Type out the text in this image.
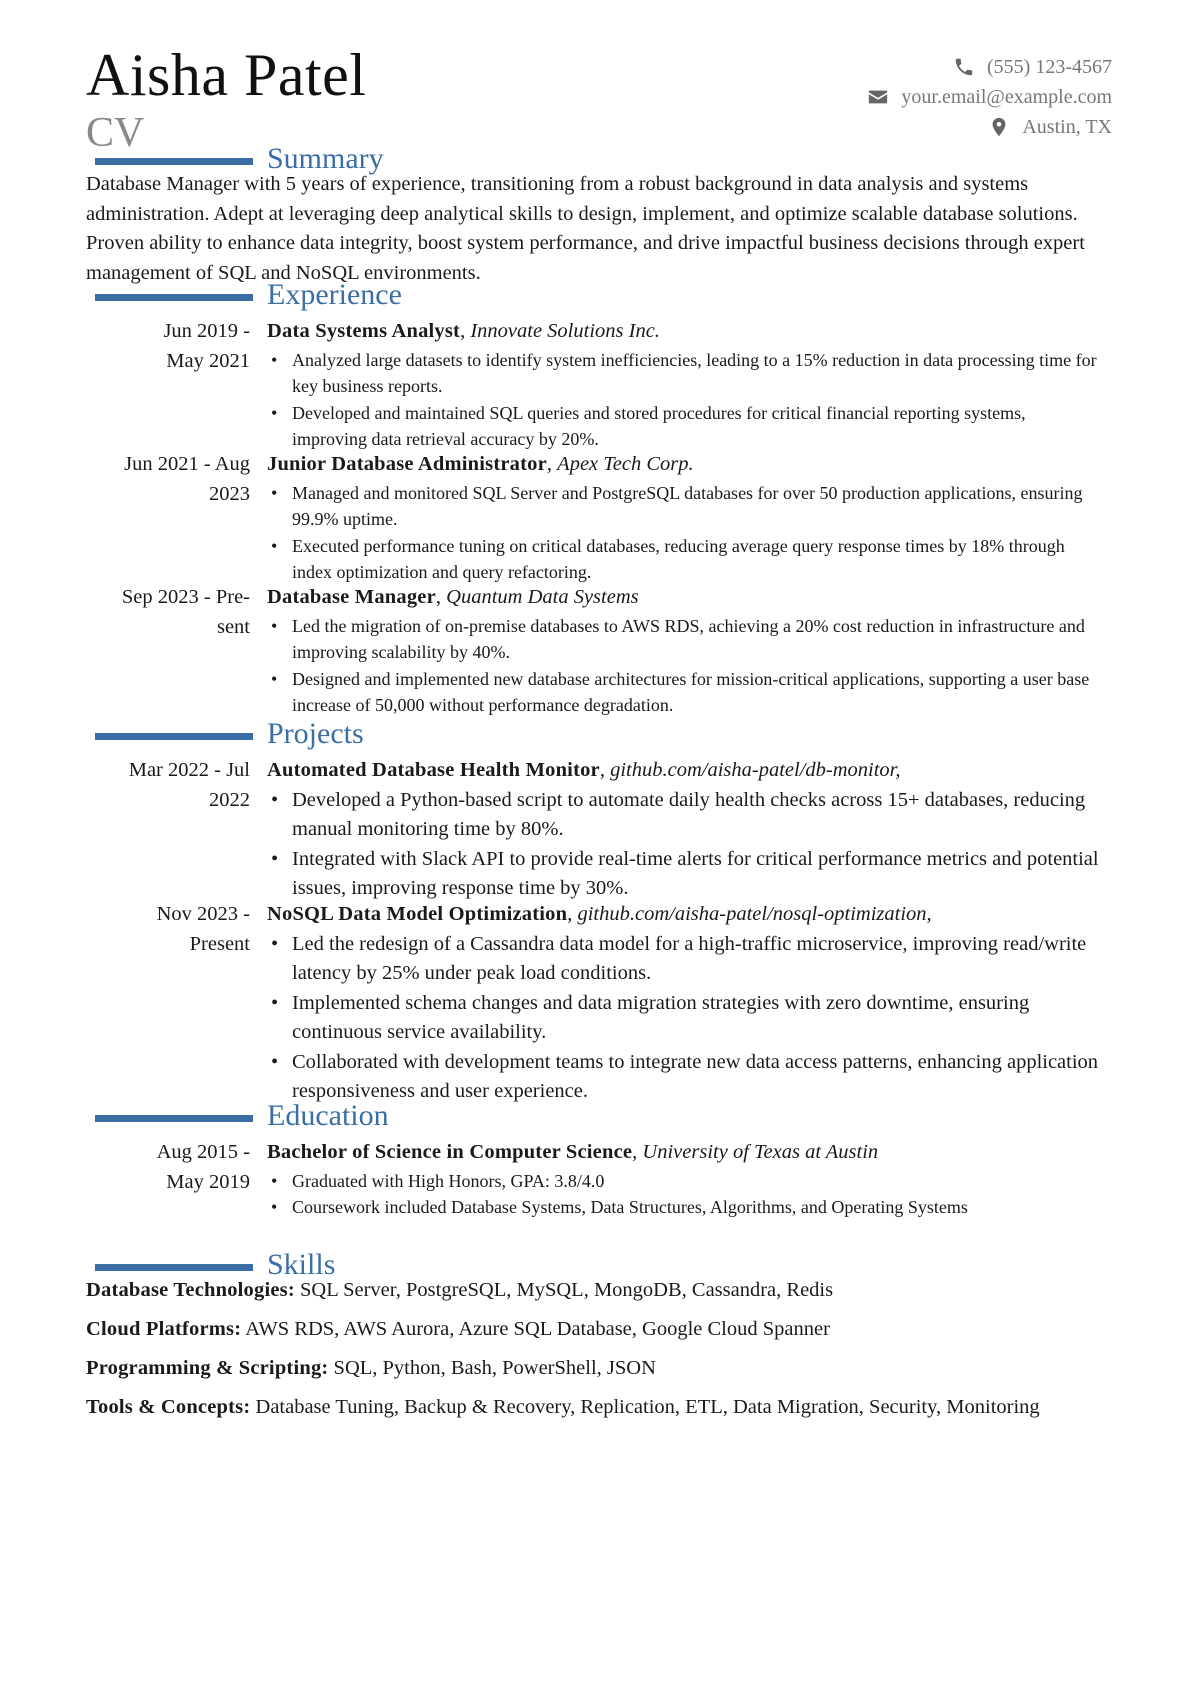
Aisha Patel
CV
(555) 123-4567
your.email@example.com
Austin, TX
Summary
Database Manager with 5 years of experience, transitioning from a robust background in data analysis and systems administration. Adept at leveraging deep analytical skills to design, implement, and optimize scalable database solutions. Proven ability to enhance data integrity, boost system performance, and drive impactful business decisions through expert management of SQL and NoSQL environments.
Experience
Jun 2019 -
May 2021
Data Systems Analyst, Innovate Solutions Inc.
• Analyzed large datasets to identify system inefficiencies, leading to a 15% reduction in data processing time for key business reports.
• Developed and maintained SQL queries and stored procedures for critical financial reporting systems, improving data retrieval accuracy by 20%.
Jun 2021 - Aug
2023
Junior Database Administrator, Apex Tech Corp.
• Managed and monitored SQL Server and PostgreSQL databases for over 50 production applications, ensuring 99.9% uptime.
• Executed performance tuning on critical databases, reducing average query response times by 18% through index optimization and query refactoring.
Sep 2023 - Pre-
sent
Database Manager, Quantum Data Systems
• Led the migration of on-premise databases to AWS RDS, achieving a 20% cost reduction in infrastructure and improving scalability by 40%.
• Designed and implemented new database architectures for mission-critical applications, supporting a user base increase of 50,000 without performance degradation.
Projects
Mar 2022 - Jul
2022
Automated Database Health Monitor, github.com/aisha-patel/db-monitor,
• Developed a Python-based script to automate daily health checks across 15+ databases, reducing manual monitoring time by 80%.
• Integrated with Slack API to provide real-time alerts for critical performance metrics and potential issues, improving response time by 30%.
Nov 2023 -
Present
NoSQL Data Model Optimization, github.com/aisha-patel/nosql-optimization,
• Led the redesign of a Cassandra data model for a high-traffic microservice, improving read/write latency by 25% under peak load conditions.
• Implemented schema changes and data migration strategies with zero downtime, ensuring continuous service availability.
• Collaborated with development teams to integrate new data access patterns, enhancing application responsiveness and user experience.
Education
Aug 2015 -
May 2019
Bachelor of Science in Computer Science, University of Texas at Austin
• Graduated with High Honors, GPA: 3.8/4.0
• Coursework included Database Systems, Data Structures, Algorithms, and Operating Systems
Skills
Database Technologies: SQL Server, PostgreSQL, MySQL, MongoDB, Cassandra, Redis
Cloud Platforms: AWS RDS, AWS Aurora, Azure SQL Database, Google Cloud Spanner
Programming & Scripting: SQL, Python, Bash, PowerShell, JSON
Tools & Concepts: Database Tuning, Backup & Recovery, Replication, ETL, Data Migration, Security, Monitoring
